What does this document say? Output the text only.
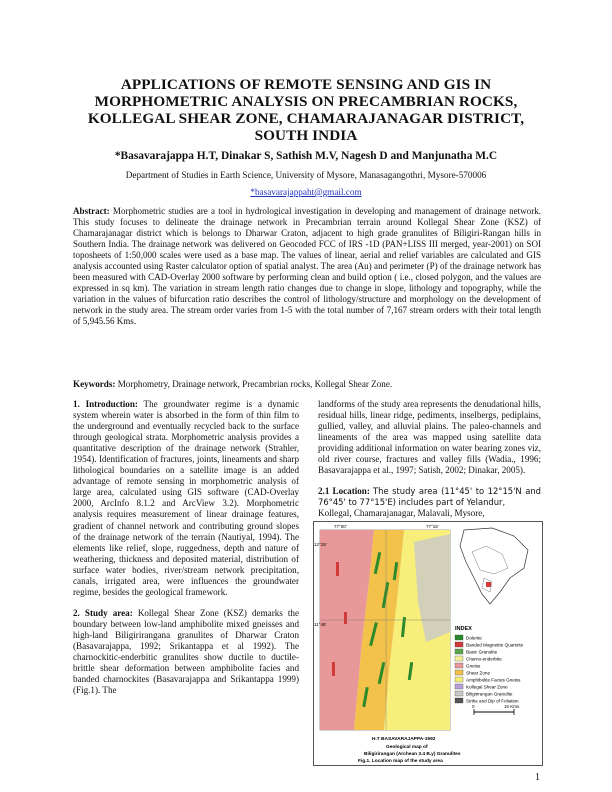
APPLICATIONS OF REMOTE SENSING AND GIS IN MORPHOMETRIC ANALYSIS ON PRECAMBRIAN ROCKS, KOLLEGAL SHEAR ZONE, CHAMARAJANAGAR DISTRICT, SOUTH INDIA
*Basavarajappa H.T, Dinakar S, Sathish M.V, Nagesh D and Manjunatha M.C
Department of Studies in Earth Science, University of Mysore, Manasagangothri, Mysore-570006
*basavarajappaht@gmail.com
Abstract: Morphometric studies are a tool in hydrological investigation in developing and management of drainage network. This study focuses to delineate the drainage network in Precambrian terrain around Kollegal Shear Zone (KSZ) of Chamarajanagar district which is belongs to Dharwar Craton, adjacent to high grade granulites of Biligiri-Rangan hills in Southern India. The drainage network was delivered on Geocoded FCC of IRS -1D (PAN+LISS III merged, year-2001) on SOI toposheets of 1:50,000 scales were used as a base map. The values of linear, aerial and relief variables are calculated and GIS analysis accounted using Raster calculator option of spatial analyst. The area (Au) and perimeter (P) of the drainage network has been measured with CAD-Overlay 2000 software by performing clean and build option ( i.e., closed polygon, and the values are expressed in sq km). The variation in stream length ratio changes due to change in slope, lithology and topography, while the variation in the values of bifurcation ratio describes the control of lithology/structure and morphology on the development of network in the study area. The stream order varies from 1-5 with the total number of 7,167 stream orders with their total length of 5,945.56 Kms.
Keywords: Morphometry, Drainage network, Precambrian rocks, Kollegal Shear Zone.

1. Introduction: The groundwater regime is a dynamic system wherein water is absorbed in the form of thin film to the underground and eventually recycled back to the surface through geological strata. Morphometric analysis provides a quantitative description of the drainage network (Strahler, 1954). Identification of fractures, joints, lineaments and sharp lithological boundaries on a satellite image is an added advantage of remote sensing in morphometric analysis of large area, calculated using GIS software (CAD-Overlay 2000, ArcInfo 8.1.2 and ArcView 3.2). Morphometric analysis requires measurement of linear drainage features, gradient of channel network and contributing ground slopes of the drainage network of the terrain (Nautiyal, 1994). The elements like relief, slope, ruggedness, depth and nature of weathering, thickness and deposited material, distribution of surface water bodies, river/stream network precipitation, canals, irrigated area, were influences the groundwater regime, besides the geological framework.

2. Study area: Kollegal Shear Zone (KSZ) demarks the boundary between low-land amphibolite mixed gneisses and high-land Biligirirangana granulites of Dharwar Craton (Basavarajappa, 1992; Srikantappa et al 1992). The charnockitic-enderbitic granulites show ductile to ductile-brittle shear deformation between amphibolite facies and banded charnockites (Basavarajappa and Srikantappa 1999) (Fig.1). The

landforms of the study area represents the denudational hills, residual hills, linear ridge, pediments, inselbergs, pediplains, gullied, valley, and alluvial plains. The paleo-channels and lineaments of the area was mapped using satellite data providing additional information on water bearing zones viz, old river course, fractures and valley fills (Wadia., 1996; Basavarajappa et al., 1997; Satish, 2002; Dinakar, 2005).

2.1 Location: The study area (11°45' to 12°15'N and 76°45' to 77°15'E) includes part of Yelandur,
Kollegal, Chamarajanagar, Malavali, Mysore,

77°00'	77°15'
12°15'
11°45'
INDEX
Dolerite
Banded Magnetite Quartzite
Basic Granulite
Charno-enderbite
Gneiss
Shear Zone
Amphibolite Facies Gneiss
Kollegal Shear Zone
Biligirirangan Granulite
Strike and Dip of Foliation
0	10 Kms
H.T BASAVARAJAPPA-1992
Geological map of
Biligirirangan (Archean 3.4 B.y) Granulites
Fig.1. Location map of the study area
1
